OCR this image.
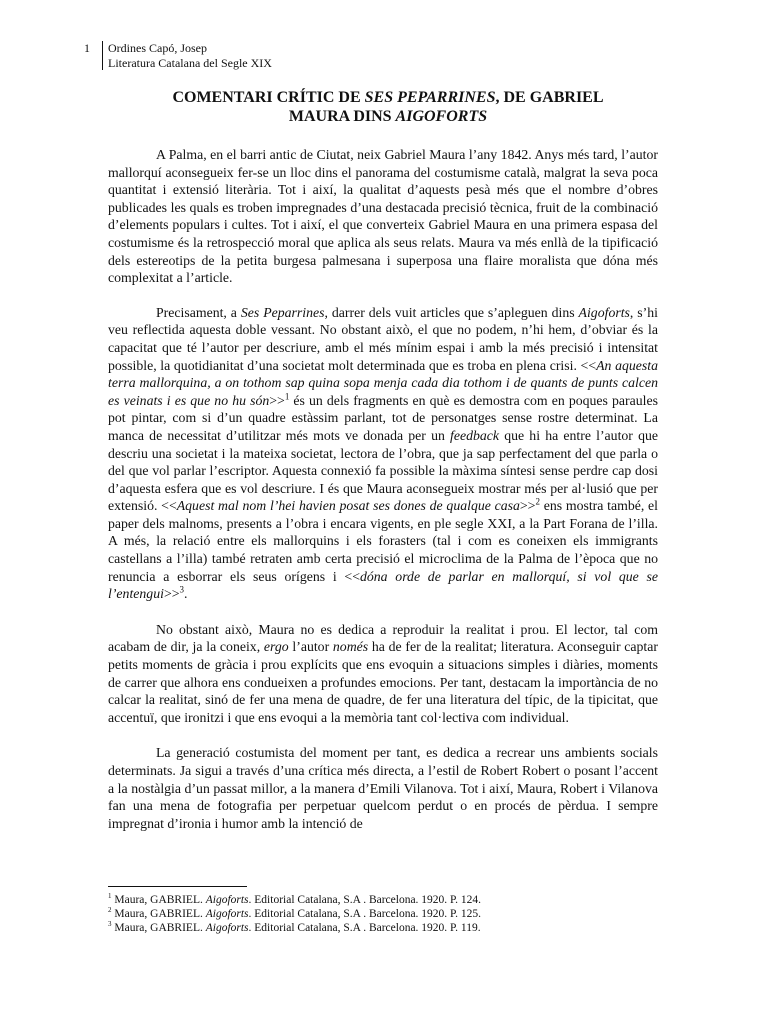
1	Ordines Capó, Josep
Literatura Catalana del Segle XIX
COMENTARI CRÍTIC DE SES PEPARRINES, DE GABRIEL
MAURA DINS AIGOFORTS

A Palma, en el barri antic de Ciutat, neix Gabriel Maura l’any 1842. Anys més tard, l’autor mallorquí aconsegueix fer-se un lloc dins el panorama del costumisme català, malgrat la seva poca quantitat i extensió literària. Tot i així, la qualitat d’aquests pesà més que el nombre d’obres publicades les quals es troben impregnades d’una destacada precisió tècnica, fruit de la combinació d’elements populars i cultes. Tot i així, el que converteix Gabriel Maura en una primera espasa del costumisme és la retrospecció moral que aplica als seus relats. Maura va més enllà de la tipificació dels estereotips de la petita burgesa palmesana i superposa una flaire moralista que dóna més complexitat a l’article.

Precisament, a Ses Peparrines, darrer dels vuit articles que s’apleguen dins Aigoforts, s’hi veu reflectida aquesta doble vessant. No obstant això, el que no podem, n’hi hem, d’obviar és la capacitat que té l’autor per descriure, amb el més mínim espai i amb la més precisió i intensitat possible, la quotidianitat d’una societat molt determinada que es troba en plena crisi. <<An aquesta terra mallorquina, a on tothom sap quina sopa menja cada dia tothom i de quants de punts calcen es veinats i es que no hu són>>$^1$ és un dels fragments en què es demostra com en poques paraules pot pintar, com si d’un quadre estàssim parlant, tot de personatges sense rostre determinat. La manca de necessitat d’utilitzar més mots ve donada per un feedback que hi ha entre l’autor que descriu una societat i la mateixa societat, lectora de l’obra, que ja sap perfectament del que parla o del que vol parlar l’escriptor. Aquesta connexió fa possible la màxima síntesi sense perdre cap dosi d’aquesta esfera que es vol descriure. I és que Maura aconsegueix mostrar més per al·lusió que per extensió. <<Aquest mal nom l’hei havien posat ses dones de qualque casa>>$^2$ ens mostra també, el paper dels malnoms, presents a l’obra i encara vigents, en ple segle XXI, a la Part Forana de l’illa. A més, la relació entre els mallorquins i els forasters (tal i com es coneixen els immigrants castellans a l’illa) també retraten amb certa precisió el microclima de la Palma de l’època que no renuncia a esborrar els seus orígens i <<dóna orde de parlar en mallorquí, si vol que se l’entengui>>$^3$.

No obstant això, Maura no es dedica a reproduir la realitat i prou. El lector, tal com acabam de dir, ja la coneix, ergo l’autor només ha de fer de la realitat; literatura. Aconseguir captar petits moments de gràcia i prou explícits que ens evoquin a situacions simples i diàries, moments de carrer que alhora ens condueixen a profundes emocions. Per tant, destacam la importància de no calcar la realitat, sinó de fer una mena de quadre, de fer una literatura del típic, de la tipicitat, que accentuï, que ironitzi i que ens evoqui a la memòria tant col·lectiva com individual.

La generació costumista del moment per tant, es dedica a recrear uns ambients socials determinats. Ja sigui a través d’una crítica més directa, a l’estil de Robert Robert o posant l’accent a la nostàlgia d’un passat millor, a la manera d’Emili Vilanova. Tot i així, Maura, Robert i Vilanova fan una mena de fotografia per perpetuar quelcom perdut o en procés de pèrdua. I sempre impregnat d’ironia i humor amb la intenció de

$^1$ Maura, GABRIEL. Aigoforts. Editorial Catalana, S.A . Barcelona. 1920. P. 124.
$^2$ Maura, GABRIEL. Aigoforts. Editorial Catalana, S.A . Barcelona. 1920. P. 125.
$^3$ Maura, GABRIEL. Aigoforts. Editorial Catalana, S.A . Barcelona. 1920. P. 119.
